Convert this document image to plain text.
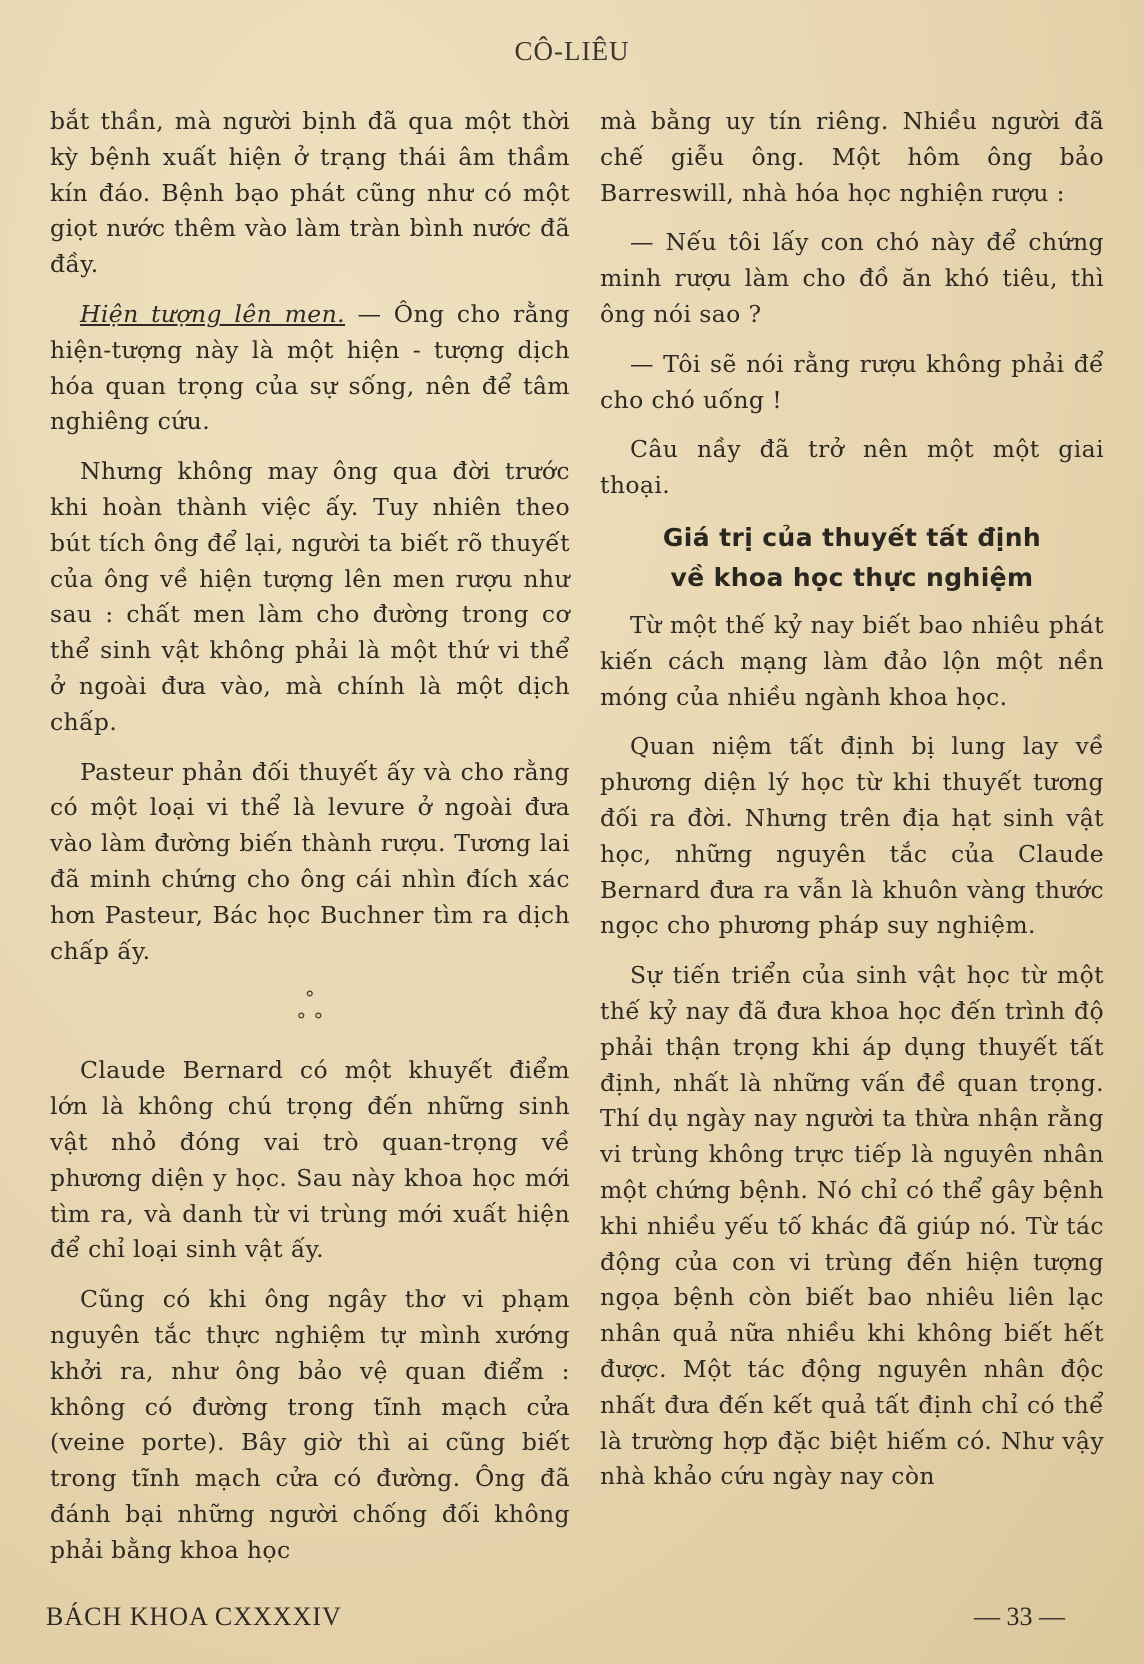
CÔ-LIÊU

bắt thần, mà người bịnh đã qua một thời kỳ bệnh xuất hiện ở trạng thái âm thầm kín đáo. Bệnh bạo phát cũng như có một giọt nước thêm vào làm tràn bình nước đã đầy.

Hiện tượng lên men. — Ông cho rằng hiện-tượng này là một hiện - tượng dịch hóa quan trọng của sự sống, nên để tâm nghiêng cứu.

Nhưng không may ông qua đời trước khi hoàn thành việc ấy. Tuy nhiên theo bút tích ông để lại, người ta biết rõ thuyết của ông về hiện tượng lên men rượu như sau : chất men làm cho đường trong cơ thể sinh vật không phải là một thứ vi thể ở ngoài đưa vào, mà chính là một dịch chấp.

Pasteur phản đối thuyết ấy và cho rằng có một loại vi thể là levure ở ngoài đưa vào làm đường biến thành rượu. Tương lai đã minh chứng cho ông cái nhìn đích xác hơn Pasteur, Bác học Buchner tìm ra dịch chấp ấy.

°
° °

Claude Bernard có một khuyết điểm lớn là không chú trọng đến những sinh vật nhỏ đóng vai trò quan-trọng về phương diện y học. Sau này khoa học mới tìm ra, và danh từ vi trùng mới xuất hiện để chỉ loại sinh vật ấy.

Cũng có khi ông ngây thơ vi phạm nguyên tắc thực nghiệm tự mình xướng khởi ra, như ông bảo vệ quan điểm : không có đường trong tĩnh mạch cửa (veine porte). Bây giờ thì ai cũng biết trong tĩnh mạch cửa có đường. Ông đã đánh bại những người chống đối không phải bằng khoa học

mà bằng uy tín riêng. Nhiều người đã chế giễu ông. Một hôm ông bảo Barreswill, nhà hóa học nghiện rượu :

— Nếu tôi lấy con chó này để chứng minh rượu làm cho đồ ăn khó tiêu, thì ông nói sao ?

— Tôi sẽ nói rằng rượu không phải để cho chó uống !

Câu nầy đã trở nên một một giai thoại.

Giá trị của thuyết tất định
về khoa học thực nghiệm

Từ một thế kỷ nay biết bao nhiêu phát kiến cách mạng làm đảo lộn một nền móng của nhiều ngành khoa học.

Quan niệm tất định bị lung lay về phương diện lý học từ khi thuyết tương đối ra đời. Nhưng trên địa hạt sinh vật học, những nguyên tắc của Claude Bernard đưa ra vẫn là khuôn vàng thước ngọc cho phương pháp suy nghiệm.

Sự tiến triển của sinh vật học từ một thế kỷ nay đã đưa khoa học đến trình độ phải thận trọng khi áp dụng thuyết tất định, nhất là những vấn đề quan trọng. Thí dụ ngày nay người ta thừa nhận rằng vi trùng không trực tiếp là nguyên nhân một chứng bệnh. Nó chỉ có thể gây bệnh khi nhiều yếu tố khác đã giúp nó. Từ tác động của con vi trùng đến hiện tượng ngọa bệnh còn biết bao nhiêu liên lạc nhân quả nữa nhiều khi không biết hết được. Một tác động nguyên nhân độc nhất đưa đến kết quả tất định chỉ có thể là trường hợp đặc biệt hiếm có. Như vậy nhà khảo cứu ngày nay còn

BÁCH KHOA CXXXXIV	— 33 —
